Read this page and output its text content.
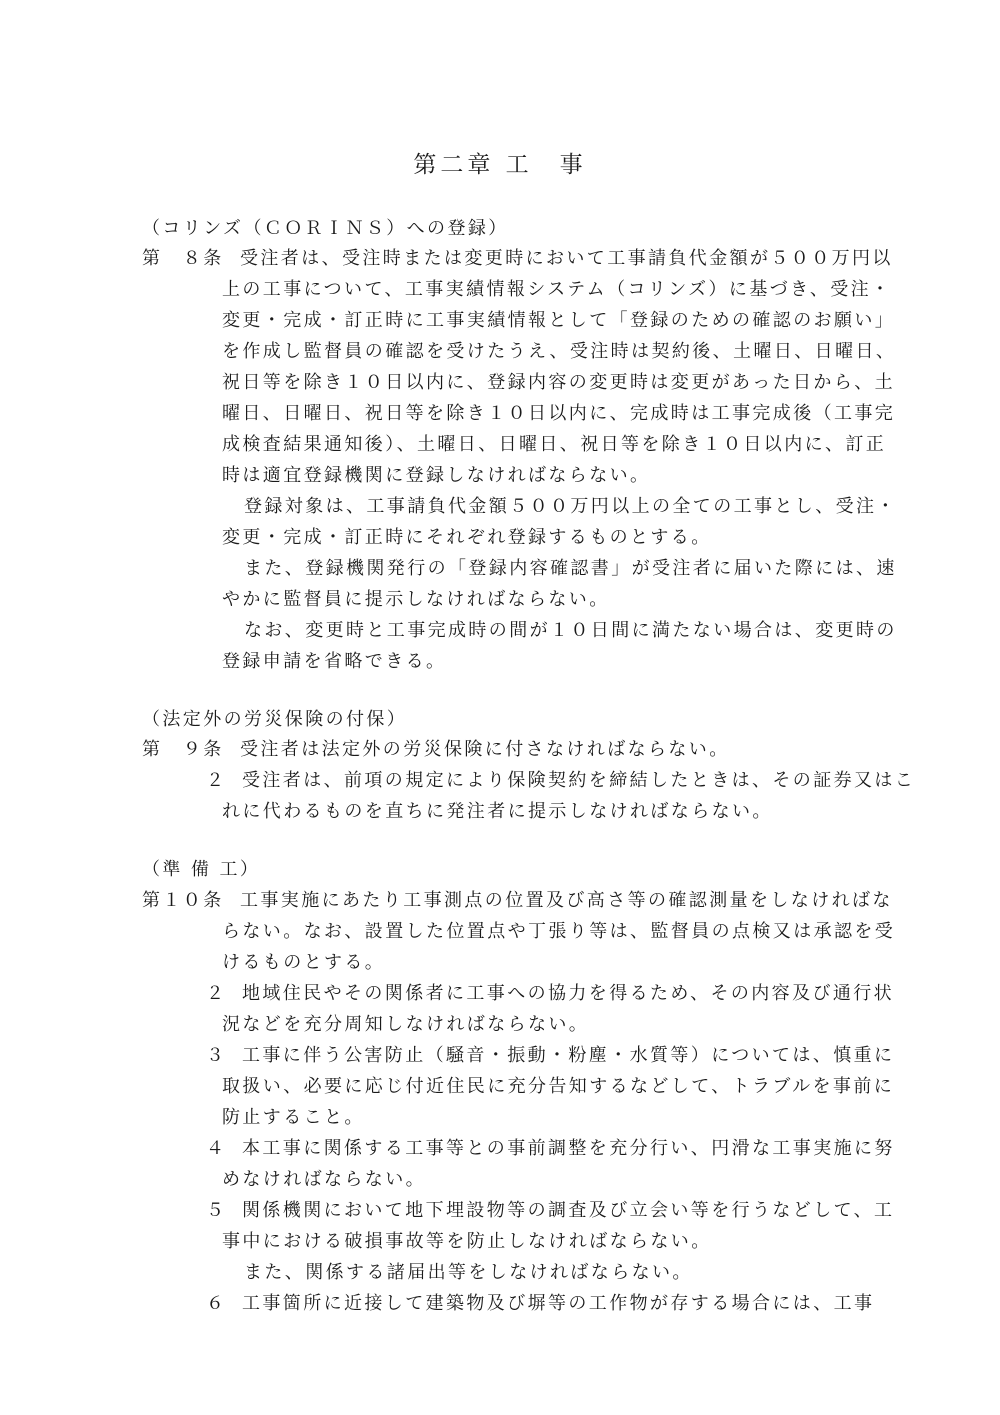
第二章 工　事
（コリンズ（ＣＯＲＩＮＳ）への登録）
第　８条 受注者は、受注時または変更時において工事請負代金額が５００万円以
上の工事について、工事実績情報システム（コリンズ）に基づき、受注・
変更・完成・訂正時に工事実績情報として「登録のための確認のお願い」
を作成し監督員の確認を受けたうえ、受注時は契約後、土曜日、日曜日、
祝日等を除き１０日以内に、登録内容の変更時は変更があった日から、土
曜日、日曜日、祝日等を除き１０日以内に、完成時は工事完成後（工事完
成検査結果通知後）、土曜日、日曜日、祝日等を除き１０日以内に、訂正
時は適宜登録機関に登録しなければならない。
登録対象は、工事請負代金額５００万円以上の全ての工事とし、受注・
変更・完成・訂正時にそれぞれ登録するものとする。
また、登録機関発行の「登録内容確認書」が受注者に届いた際には、速
やかに監督員に提示しなければならない。
なお、変更時と工事完成時の間が１０日間に満たない場合は、変更時の
登録申請を省略できる。
（法定外の労災保険の付保）
第　９条 受注者は法定外の労災保険に付さなければならない。
２ 受注者は、前項の規定により保険契約を締結したときは、その証券又はこ
れに代わるものを直ちに発注者に提示しなければならない。
（準 備 工）
第１０条 工事実施にあたり工事測点の位置及び高さ等の確認測量をしなければな
らない。なお、設置した位置点や丁張り等は、監督員の点検又は承認を受
けるものとする。
２ 地域住民やその関係者に工事への協力を得るため、その内容及び通行状
況などを充分周知しなければならない。
３ 工事に伴う公害防止（騒音・振動・粉塵・水質等）については、慎重に
取扱い、必要に応じ付近住民に充分告知するなどして、トラブルを事前に
防止すること。
４ 本工事に関係する工事等との事前調整を充分行い、円滑な工事実施に努
めなければならない。
５ 関係機関において地下埋設物等の調査及び立会い等を行うなどして、工
事中における破損事故等を防止しなければならない。
また、関係する諸届出等をしなければならない。
６ 工事箇所に近接して建築物及び塀等の工作物が存する場合には、工事
